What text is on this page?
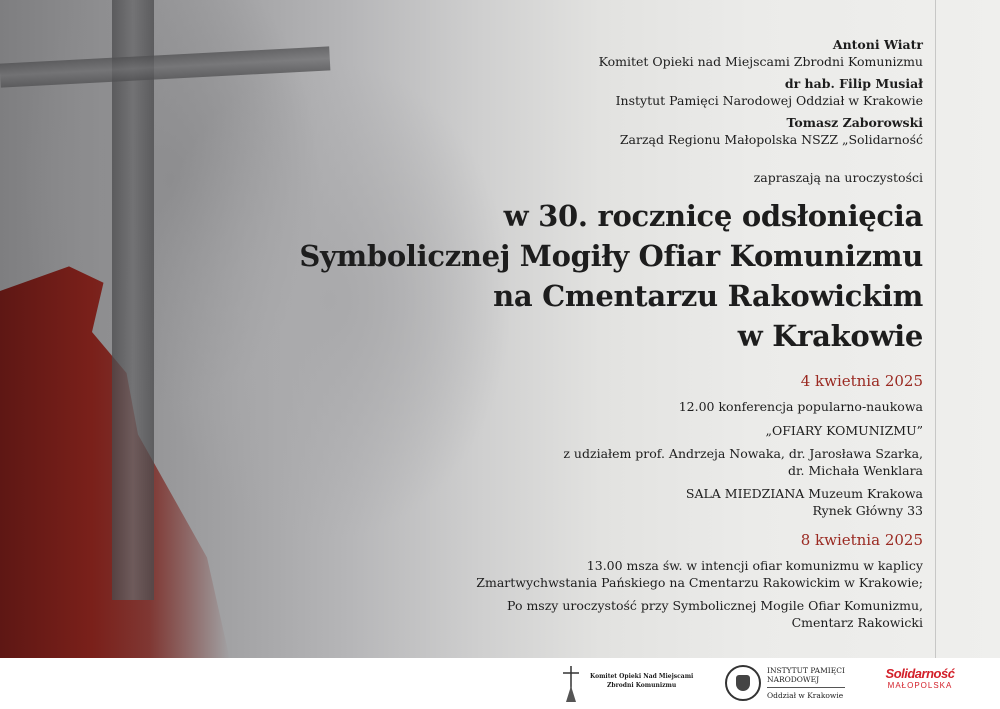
Antoni Wiatr
Komitet Opieki nad Miejscami Zbrodni Komunizmu
dr hab. Filip Musiał
Instytut Pamięci Narodowej Oddział w Krakowie
Tomasz Zaborowski
Zarząd Regionu Małopolska NSZZ „Solidarność
zapraszają na uroczystości
w 30. rocznicę odsłonięcia
Symbolicznej Mogiły Ofiar Komunizmu
na Cmentarzu Rakowickim
w Krakowie
4 kwietnia 2025
12.00 konferencja popularno-naukowa
„OFIARY KOMUNIZMU”
z udziałem prof. Andrzeja Nowaka, dr. Jarosława Szarka,
dr. Michała Wenklara
SALA MIEDZIANA Muzeum Krakowa
Rynek Główny 33
8 kwietnia 2025
13.00 msza św. w intencji ofiar komunizmu w kaplicy
Zmartwychwstania Pańskiego na Cmentarzu Rakowickim w Krakowie;
Po mszy uroczystość przy Symbolicznej Mogile Ofiar Komunizmu,
Cmentarz Rakowicki
Komitet Opieki Nad Miejscami
Zbrodni Komunizmu
INSTYTUT PAMIĘCI
NARODOWEJ
Oddział w Krakowie
Solidarność
MAŁOPOLSKA
